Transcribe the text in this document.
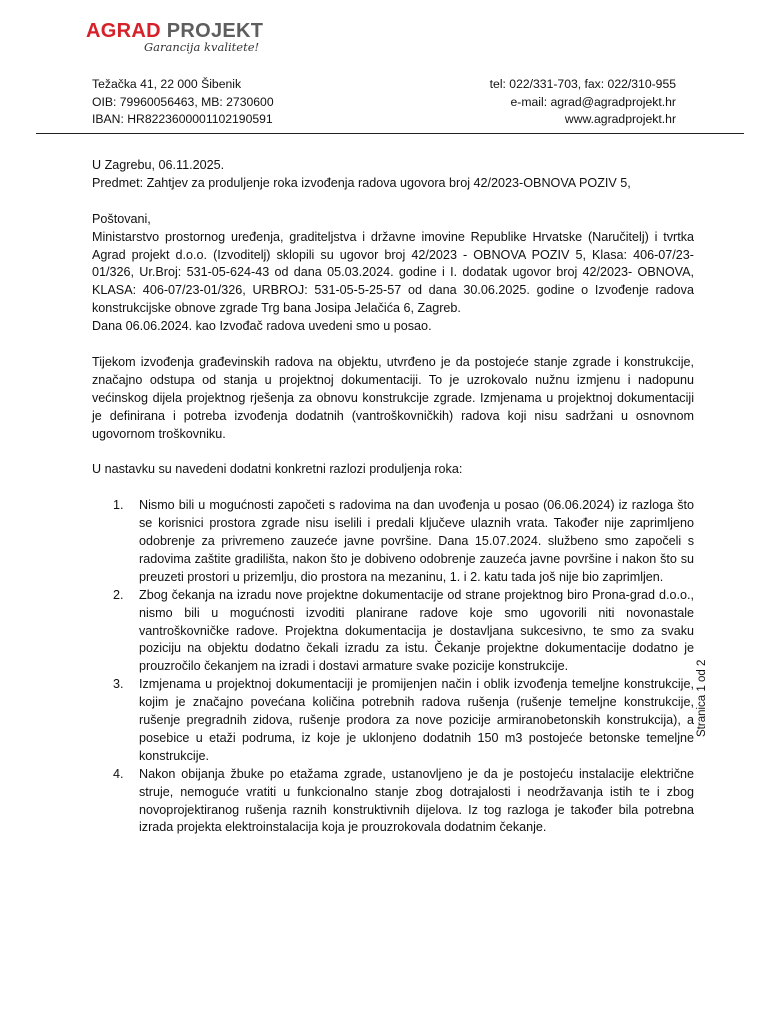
AGRAD PROJEKT
Garancija kvalitete!
Težačka 41, 22 000 Šibenik
OIB: 79960056463, MB: 2730600
IBAN: HR8223600001102190591
tel: 022/331-703, fax: 022/310-955
e-mail: agrad@agradprojekt.hr
www.agradprojekt.hr

U Zagrebu, 06.11.2025.

Predmet: Zahtjev za produljenje roka izvođenja radova ugovora broj 42/2023-OBNOVA POZIV 5,

Poštovani,

Ministarstvo prostornog uređenja, graditeljstva i državne imovine Republike Hrvatske (Naručitelj) i tvrtka Agrad projekt d.o.o. (Izvoditelj) sklopili su ugovor broj 42/2023 - OBNOVA POZIV 5, Klasa: 406-07/23-01/326, Ur.Broj: 531-05-624-43 od dana 05.03.2024. godine i I. dodatak ugovor broj 42/2023- OBNOVA, KLASA: 406-07/23-01/326, URBROJ: 531-05-5-25-57 od dana 30.06.2025. godine o Izvođenje radova konstrukcijske obnove zgrade Trg bana Josipa Jelačića 6, Zagreb.

Dana 06.06.2024. kao Izvođač radova uvedeni smo u posao.

Tijekom izvođenja građevinskih radova na objektu, utvrđeno je da postojeće stanje zgrade i konstrukcije, značajno odstupa od stanja u projektnoj dokumentaciji. To je uzrokovalo nužnu izmjenu i nadopunu većinskog dijela projektnog rješenja za obnovu konstrukcije zgrade. Izmjenama u projektnoj dokumentaciji je definirana i potreba izvođenja dodatnih (vantroškovničkih) radova koji nisu sadržani u osnovnom ugovornom troškovniku.

U nastavku su navedeni dodatni konkretni razlozi produljenja roka:

1. Nismo bili u mogućnosti započeti s radovima na dan uvođenja u posao (06.06.2024) iz razloga što se korisnici prostora zgrade nisu iselili i predali ključeve ulaznih vrata. Također nije zaprimljeno odobrenje za privremeno zauzeće javne površine. Dana 15.07.2024. službeno smo započeli s radovima zaštite gradilišta, nakon što je dobiveno odobrenje zauzeća javne površine i nakon što su preuzeti prostori u prizemlju, dio prostora na mezaninu, 1. i 2. katu tada još nije bio zaprimljen.
2. Zbog čekanja na izradu nove projektne dokumentacije od strane projektnog biro Prona-grad d.o.o., nismo bili u mogućnosti izvoditi planirane radove koje smo ugovorili niti novonastale vantroškovničke radove. Projektna dokumentacija je dostavljana sukcesivno, te smo za svaku poziciju na objektu dodatno čekali izradu za istu. Čekanje projektne dokumentacije dodatno je prouzročilo čekanjem na izradi i dostavi armature svake pozicije konstrukcije.
3. Izmjenama u projektnoj dokumentaciji je promijenjen način i oblik izvođenja temeljne konstrukcije, kojim je značajno povećana količina potrebnih radova rušenja (rušenje temeljne konstrukcije, rušenje pregradnih zidova, rušenje prodora za nove pozicije armiranobetonskih konstrukcija), a posebice u etaži podruma, iz koje je uklonjeno dodatnih 150 m3 postojeće betonske temeljne konstrukcije.
4. Nakon obijanja žbuke po etažama zgrade, ustanovljeno je da je postojeću instalacije električne struje, nemoguće vratiti u funkcionalno stanje zbog dotrajalosti i neodržavanja istih te i zbog novoprojektiranog rušenja raznih konstruktivnih dijelova. Iz tog razloga je također bila potrebna izrada projekta elektroinstalacija koja je prouzrokovala dodatnim čekanje.
Stranica 1 od 2
